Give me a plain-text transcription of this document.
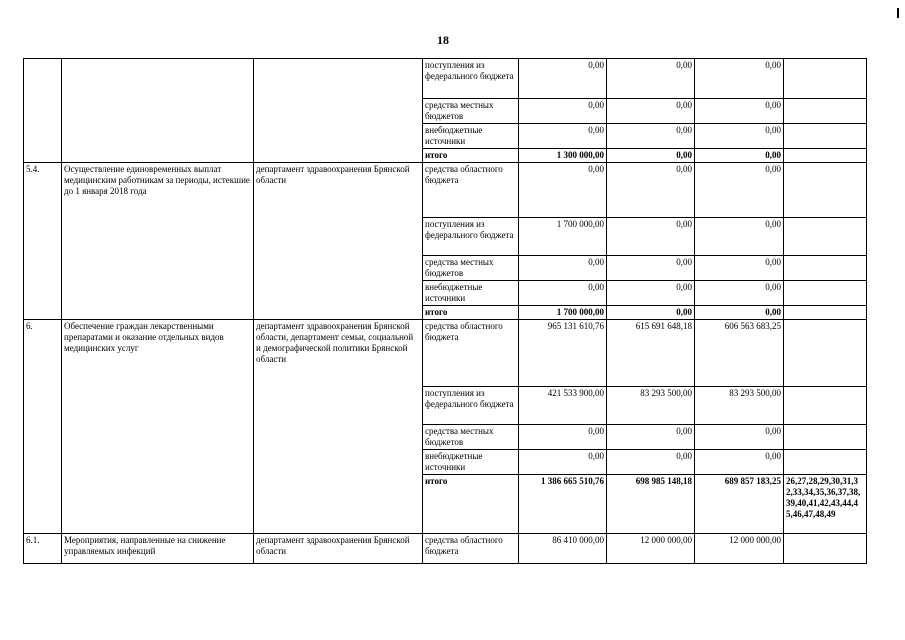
18
			поступления из федерального бюджета	0,00	0,00	0,00	
			средства местных бюджетов	0,00	0,00	0,00	
			внебюджетные источники	0,00	0,00	0,00	
			итого	1 300 000,00	0,00	0,00	
5.4.	Осуществление единовременных выплат медицинским работникам за периоды, истекшие до 1 января 2018 года	департамент здравоохранения Брянской области	средства областного бюджета	0,00	0,00	0,00	
			поступления из федерального бюджета	1 700 000,00	0,00	0,00	
			средства местных бюджетов	0,00	0,00	0,00	
			внебюджетные источники	0,00	0,00	0,00	
			итого	1 700 000,00	0,00	0,00	
6.	Обеспечение граждан лекарственными препаратами и оказание отдельных видов медицинских услуг	департамент здравоохранения Брянской области, департамент семьи, социальной и демографической политики Брянской области	средства областного бюджета	965 131 610,76	615 691 648,18	606 563 683,25	
			поступления из федерального бюджета	421 533 900,00	83 293 500,00	83 293 500,00	
			средства местных бюджетов	0,00	0,00	0,00	
			внебюджетные источники	0,00	0,00	0,00	
			итого	1 386 665 510,76	698 985 148,18	689 857 183,25	26,27,28,29,30,31,32,33,34,35,36,37,38,39,40,41,42,43,44,45,46,47,48,49
6.1.	Мероприятия, направленные на снижение управляемых инфекций	департамент здравоохранения Брянской области	средства областного бюджета	86 410 000,00	12 000 000,00	12 000 000,00	
